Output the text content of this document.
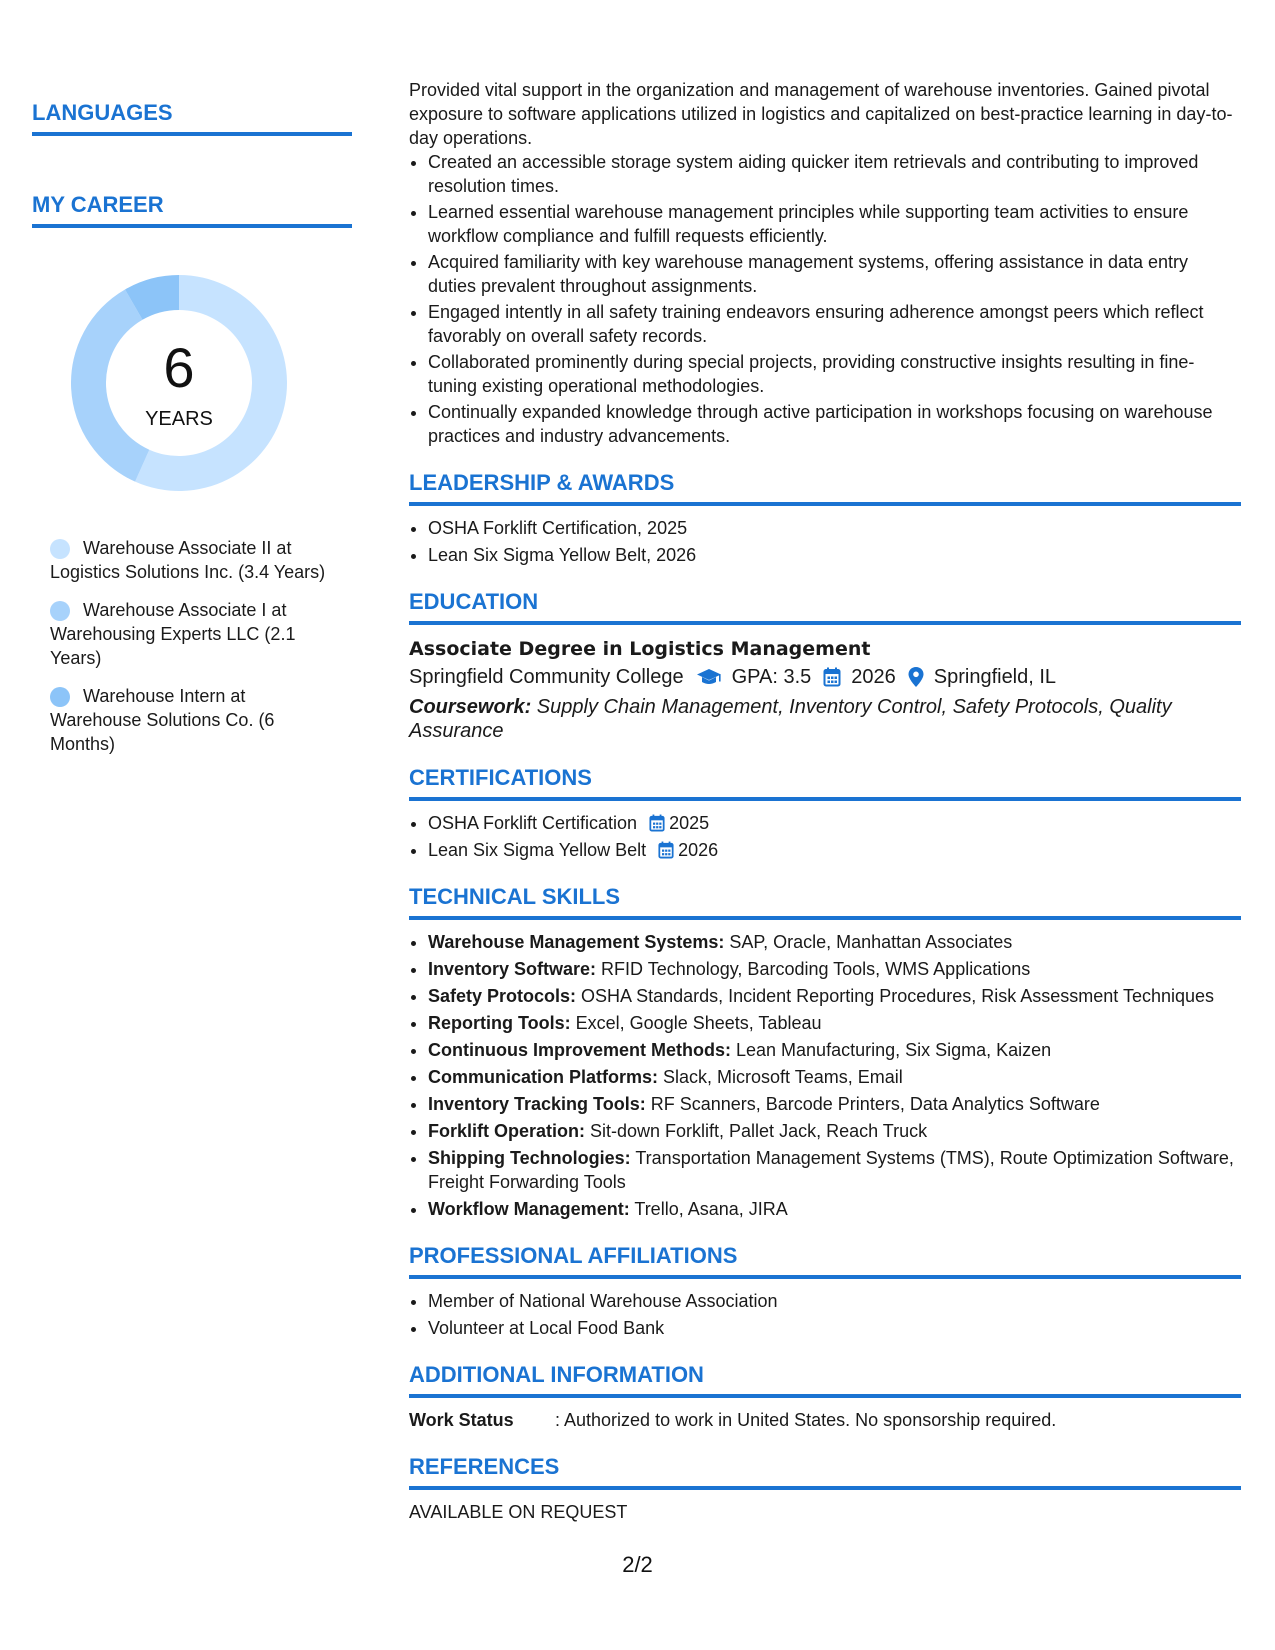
LANGUAGES
MY CAREER
6
YEARS
Warehouse Associate II at Logistics Solutions Inc. (3.4 Years)
Warehouse Associate I at Warehousing Experts LLC (2.1 Years)
Warehouse Intern at Warehouse Solutions Co. (6 Months)

Provided vital support in the organization and management of warehouse inventories. Gained pivotal exposure to software applications utilized in logistics and capitalized on best-practice learning in day-to-day operations.

• Created an accessible storage system aiding quicker item retrievals and contributing to improved resolution times.
• Learned essential warehouse management principles while supporting team activities to ensure workflow compliance and fulfill requests efficiently.
• Acquired familiarity with key warehouse management systems, offering assistance in data entry duties prevalent throughout assignments.
• Engaged intently in all safety training endeavors ensuring adherence amongst peers which reflect favorably on overall safety records.
• Collaborated prominently during special projects, providing constructive insights resulting in fine-tuning existing operational methodologies.
• Continually expanded knowledge through active participation in workshops focusing on warehouse practices and industry advancements.
LEADERSHIP & AWARDS
• OSHA Forklift Certification, 2025
• Lean Six Sigma Yellow Belt, 2026
EDUCATION
Associate Degree in Logistics Management
Springfield Community College GPA: 3.5 2026 Springfield, IL
Coursework: Supply Chain Management, Inventory Control, Safety Protocols, Quality Assurance
CERTIFICATIONS
• OSHA Forklift Certification 2025
• Lean Six Sigma Yellow Belt 2026
TECHNICAL SKILLS
• Warehouse Management Systems: SAP, Oracle, Manhattan Associates
• Inventory Software: RFID Technology, Barcoding Tools, WMS Applications
• Safety Protocols: OSHA Standards, Incident Reporting Procedures, Risk Assessment Techniques
• Reporting Tools: Excel, Google Sheets, Tableau
• Continuous Improvement Methods: Lean Manufacturing, Six Sigma, Kaizen
• Communication Platforms: Slack, Microsoft Teams, Email
• Inventory Tracking Tools: RF Scanners, Barcode Printers, Data Analytics Software
• Forklift Operation: Sit-down Forklift, Pallet Jack, Reach Truck
• Shipping Technologies: Transportation Management Systems (TMS), Route Optimization Software, Freight Forwarding Tools
• Workflow Management: Trello, Asana, JIRA
PROFESSIONAL AFFILIATIONS
• Member of National Warehouse Association
• Volunteer at Local Food Bank
ADDITIONAL INFORMATION
Work Status	: Authorized to work in United States. No sponsorship required.
REFERENCES
AVAILABLE ON REQUEST
2/2
